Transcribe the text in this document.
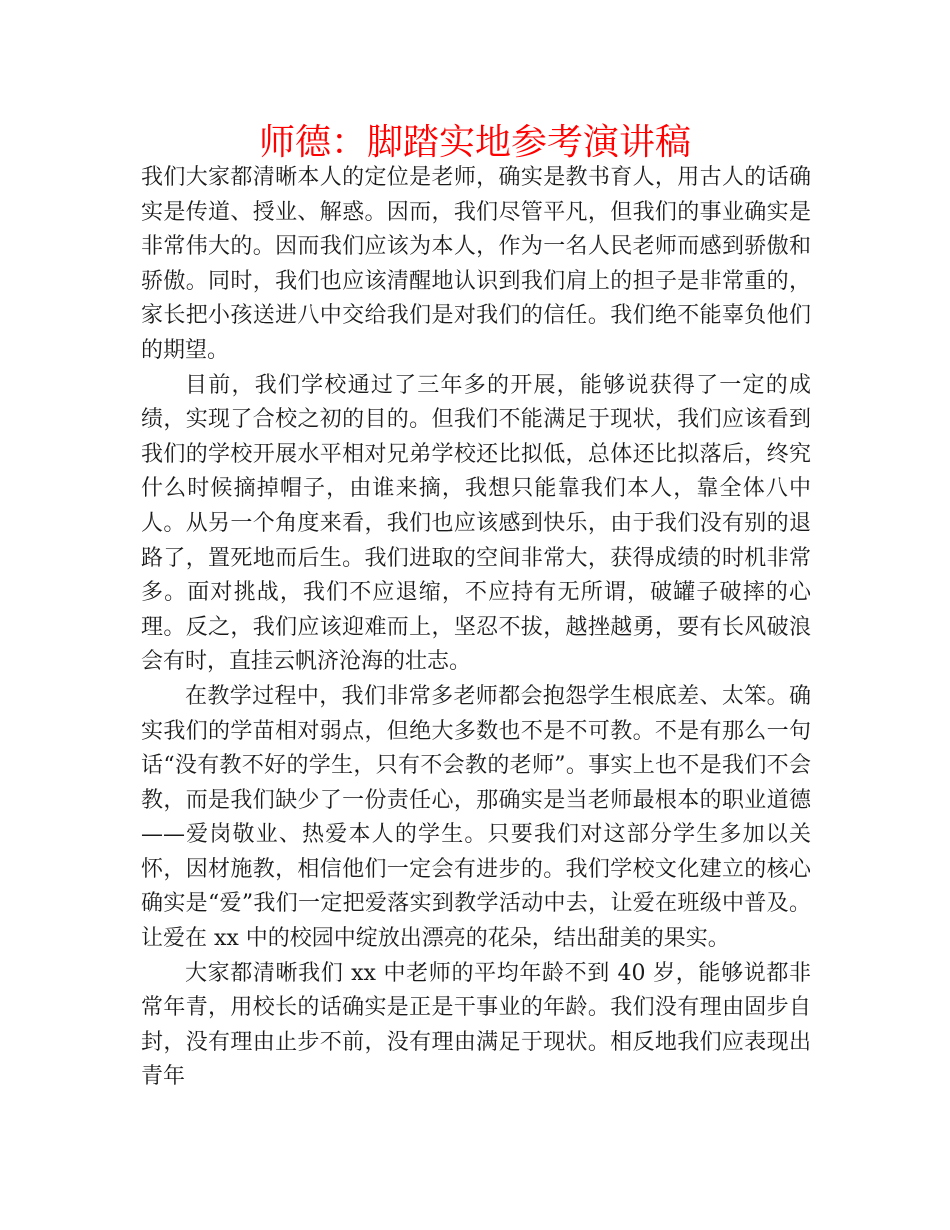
师德：脚踏实地参考演讲稿

我们大家都清晰本人的定位是老师，确实是教书育人，用古人的话确实是传道、授业、解惑。因而，我们尽管平凡，但我们的事业确实是非常伟大的。因而我们应该为本人，作为一名人民老师而感到骄傲和骄傲。同时，我们也应该清醒地认识到我们肩上的担子是非常重的，家长把小孩送进八中交给我们是对我们的信任。我们绝不能辜负他们的期望。

目前，我们学校通过了三年多的开展，能够说获得了一定的成绩，实现了合校之初的目的。但我们不能满足于现状，我们应该看到我们的学校开展水平相对兄弟学校还比拟低，总体还比拟落后，终究什么时候摘掉帽子，由谁来摘，我想只能靠我们本人，靠全体八中人。从另一个角度来看，我们也应该感到快乐，由于我们没有别的退路了，置死地而后生。我们进取的空间非常大，获得成绩的时机非常多。面对挑战，我们不应退缩，不应持有无所谓，破罐子破摔的心理。反之，我们应该迎难而上，坚忍不拔，越挫越勇，要有长风破浪会有时，直挂云帆济沧海的壮志。

在教学过程中，我们非常多老师都会抱怨学生根底差、太笨。确实我们的学苗相对弱点，但绝大多数也不是不可教。不是有那么一句话“没有教不好的学生，只有不会教的老师”。事实上也不是我们不会教，而是我们缺少了一份责任心，那确实是当老师最根本的职业道德——爱岗敬业、热爱本人的学生。只要我们对这部分学生多加以关怀，因材施教，相信他们一定会有进步的。我们学校文化建立的核心确实是“爱”我们一定把爱落实到教学活动中去，让爱在班级中普及。让爱在 xx 中的校园中绽放出漂亮的花朵，结出甜美的果实。

大家都清晰我们 xx 中老师的平均年龄不到 40 岁，能够说都非常年青，用校长的话确实是正是干事业的年龄。我们没有理由固步自封，没有理由止步不前，没有理由满足于现状。相反地我们应表现出青年
